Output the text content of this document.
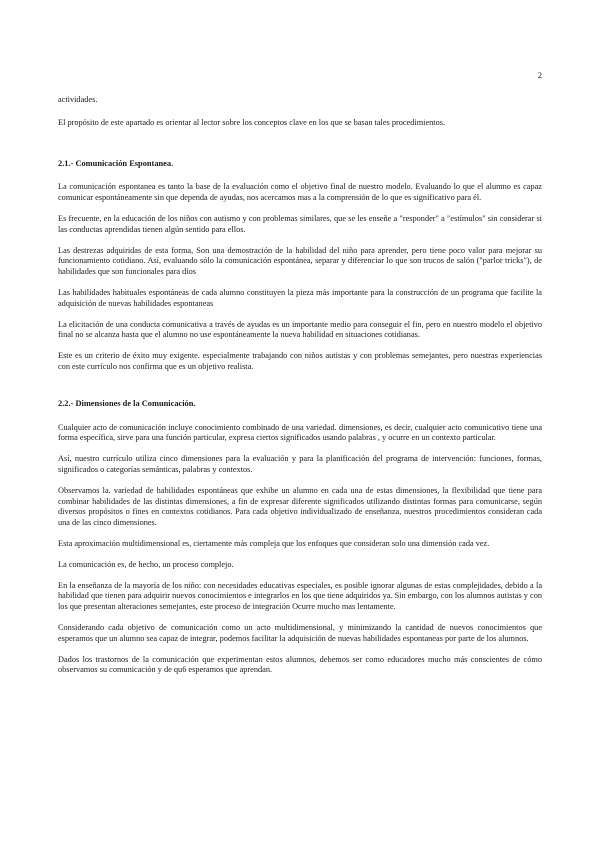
2

actividades.

El propósito de este apartado es orientar al lector sobre los conceptos clave en los que se basan tales procedimientos.

2.1.- Comunicación Espontanea.

La comunicación espontanea es tanto la base de la evaluación como el objetivo final de nuestro modelo. Evaluando lo que el alumno es capaz comunicar espontáneamente sin que dependa de ayudas, nos acercamos mas a la comprensión de lo que es significativo para él.

Es frecuente, en la educación de los niños con autismo y con problemas similares, que se les enseñe a "responder" a "estímulos" sin considerar si las conductas aprendidas tienen algún sentido para ellos.

Las destrezas adquiridas de esta forma, Son una demostración de la habilidad del niño para aprender, pero tiene poco valor para mejorar su funcionamiento cotidiano. Así, evaluando sólo la comunicación espontánea, separar y diferenciar lo que son trucos de salón ("parlor tricks"), de habilidades que son funcionales para dios

Las habilidades habituales espontáneas de cada alumno constituyen la pieza más importante para la construcción de un programa que facilite la adquisición de nuevas habilidades espontaneas

La elicitación de una conducta comunicativa a través de ayudas es un importante medio para conseguir el fin, pero en nuestro modelo el objetivo final no se alcanza hasta que el alumno no use espontáneamente la nueva habilidad en situaciones cotidianas.

Este es un criterio de éxito muy exigente. especialmente trabajando con niños autistas y con problemas semejantes, pero nuestras experiencias con este currículo nos confirma que es un objetivo realista.

2.2.- Dimensiones de la Comunicación.

Cualquier acto de comunicación incluye conocimiento combinado de una variedad. dimensiones, es decir, cualquier acto comunicativo tiene una forma específica, sirve para una función particular, expresa ciertos significados usando palabras , y ocurre en un contexto particular.

Así, nuestro currículo utiliza cinco dimensiones para la evaluación y para la planificación del programa de intervención: funciones, formas, significados o categorías semánticas, palabras y contextos.

Observamos la. variedad de habilidades espontáneas que exhibe un alumno en cada una de estas dimensiones, la flexibilidad que tiene para combinar habilidades de las distintas dimensiones, a fin de expresar diferente significados utilizando distintas formas para comunicarse, según diversos propósitos o fines en contextos cotidianos. Para cada objetivo individualizado de enseñanza, nuestros procedimientos consideran cada una de las cinco dimensiones.

Esta aproximación multidimensional es, ciertamente más compleja que los enfoques que consideran solo una dimensión cada vez.

La comunicación es, de hecho, un proceso complejo.

En la enseñanza de la mayoría de los niño: con necesidades educativas especiales, es posible ignorar algunas de estas complejidades, debido a la habilidad que tienen para adquirir nuevos conocimientos e integrarlos en los que tiene adquiridos ya. Sin embargo, con los alumnos autistas y con los que presentan alteraciones semejantes, este proceso de integración Ocurre mucho mas lentamente.

Considerando cada objetivo de comunicación como un acto multidimensional, y minimizando la cantidad de nuevos conocimientos que esperamos que un alumno sea capaz de integrar, podemos facilitar la adquisición de nuevas habilidades espontaneas por parte de los alumnos.

Dados los trastornos de la comunicación que experimentan estos alumnos, debemos ser como educadores mucho más conscientes de cómo observamos su comunicación y de qu6 esperamos que aprendan.
